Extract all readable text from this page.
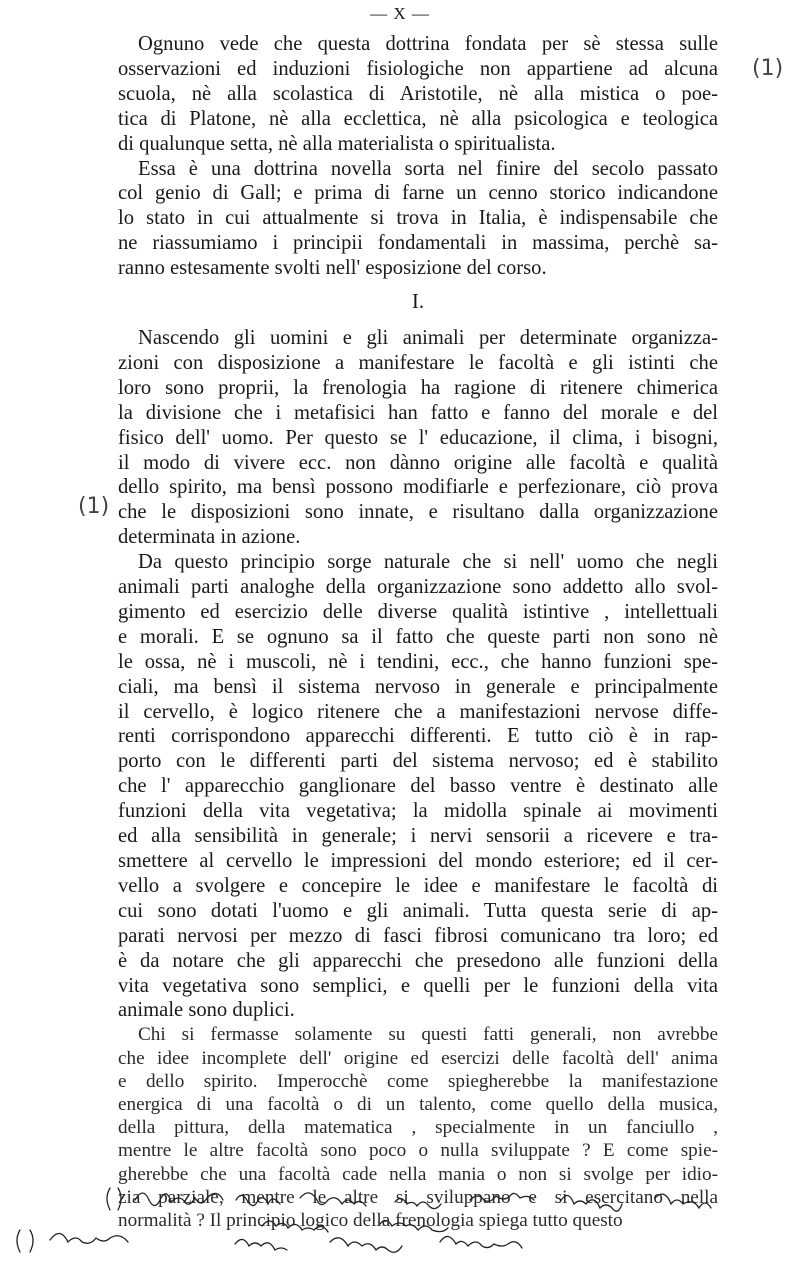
— X —
(1)
(1)

Ognuno vede che questa dottrina fondata per sè stessa sulle
osservazioni ed induzioni fisiologiche non appartiene ad alcuna
scuola, nè alla scolastica di Aristotile, nè alla mistica o poe-
tica di Platone, nè alla ecclettica, nè alla psicologica e teologica
di qualunque setta, nè alla materialista o spiritualista.

Essa è una dottrina novella sorta nel finire del secolo passato
col genio di Gall; e prima di farne un cenno storico indicandone
lo stato in cui attualmente si trova in Italia, è indispensabile che
ne riassumiamo i principii fondamentali in massima, perchè sa-
ranno estesamente svolti nell' esposizione del corso.

I.

Nascendo gli uomini e gli animali per determinate organizza-
zioni con disposizione a manifestare le facoltà e gli istinti che
loro sono proprii, la frenologia ha ragione di ritenere chimerica
la divisione che i metafisici han fatto e fanno del morale e del
fisico dell' uomo. Per questo se l' educazione, il clima, i bisogni,
il modo di vivere ecc. non dànno origine alle facoltà e qualità
dello spirito, ma bensì possono modifiarle e perfezionare, ciò prova
che le disposizioni sono innate, e risultano dalla organizzazione
determinata in azione.

Da questo principio sorge naturale che si nell' uomo che negli
animali parti analoghe della organizzazione sono addetto allo svol-
gimento ed esercizio delle diverse qualità istintive , intellettuali
e morali. E se ognuno sa il fatto che queste parti non sono nè
le ossa, nè i muscoli, nè i tendini, ecc., che hanno funzioni spe-
ciali, ma bensì il sistema nervoso in generale e principalmente
il cervello, è logico ritenere che a manifestazioni nervose diffe-
renti corrispondono apparecchi differenti. E tutto ciò è in rap-
porto con le differenti parti del sistema nervoso; ed è stabilito
che l' apparecchio ganglionare del basso ventre è destinato alle
funzioni della vita vegetativa; la midolla spinale ai movimenti
ed alla sensibilità in generale; i nervi sensorii a ricevere e tra-
smettere al cervello le impressioni del mondo esteriore; ed il cer-
vello a svolgere e concepire le idee e manifestare le facoltà di
cui sono dotati l'uomo e gli animali. Tutta questa serie di ap-
parati nervosi per mezzo di fasci fibrosi comunicano tra loro; ed
è da notare che gli apparecchi che presedono alle funzioni della
vita vegetativa sono semplici, e quelli per le funzioni della vita
animale sono duplici.

Chi si fermasse solamente su questi fatti generali, non avrebbe
che idee incomplete dell' origine ed esercizi delle facoltà dell' anima
e dello spirito. Imperocchè come spiegherebbe la manifestazione
energica di una facoltà o di un talento, come quello della musica,
della pittura, della matematica , specialmente in un fanciullo ,
mentre le altre facoltà sono poco o nulla sviluppate ? E come spie-
gherebbe che una facoltà cade nella mania o non si svolge per idio-
zia parziale, mentre le altre si sviluppano e si esercitano nella
normalità ? Il principio logico della frenologia spiega tutto questo
